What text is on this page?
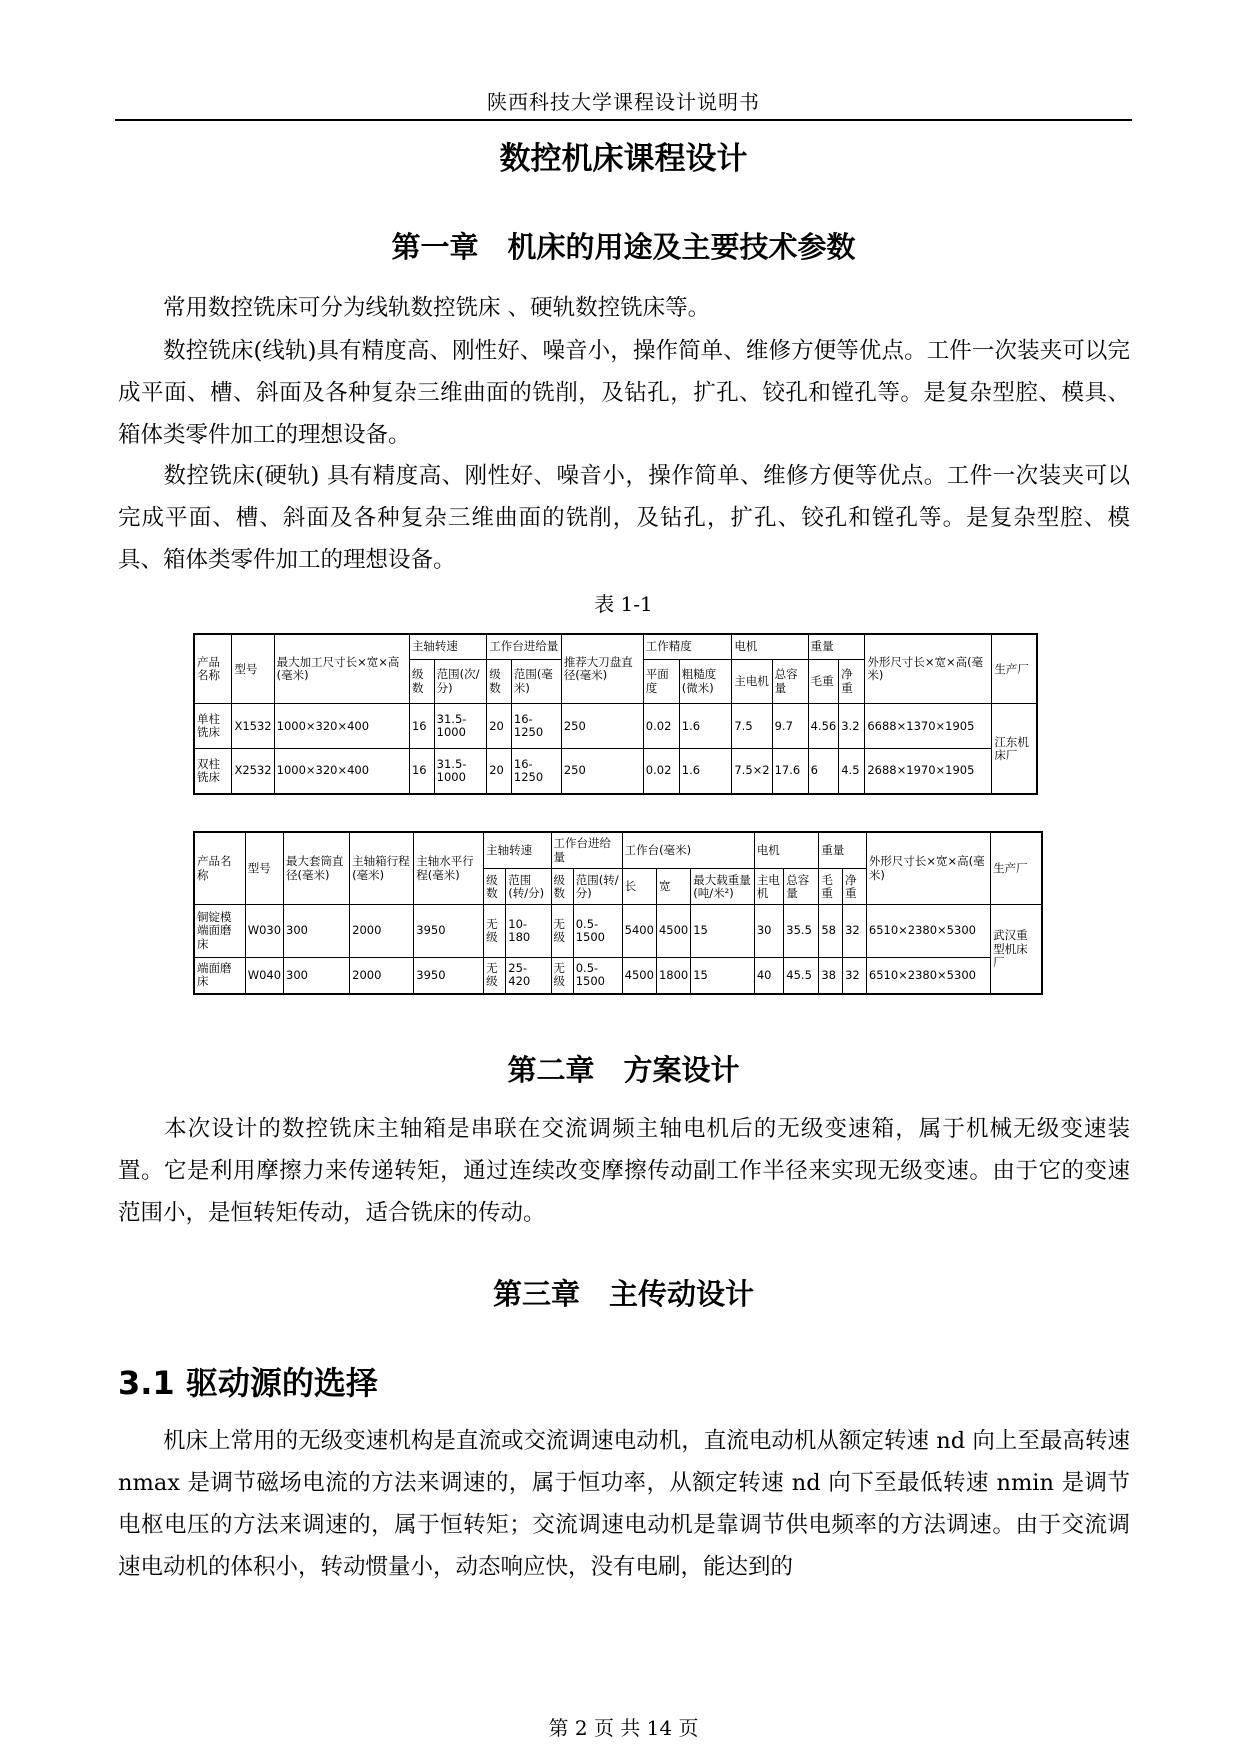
陕西科技大学课程设计说明书
数控机床课程设计
第一章　机床的用途及主要技术参数

常用数控铣床可分为线轨数控铣床 、硬轨数控铣床等。

数控铣床(线轨)具有精度高、刚性好、噪音小，操作简单、维修方便等优点。工件一次装夹可以完成平面、槽、斜面及各种复杂三维曲面的铣削，及钻孔，扩孔、铰孔和镗孔等。是复杂型腔、模具、箱体类零件加工的理想设备。

数控铣床(硬轨) 具有精度高、刚性好、噪音小，操作简单、维修方便等优点。工件一次装夹可以完成平面、槽、斜面及各种复杂三维曲面的铣削，及钻孔，扩孔、铰孔和镗孔等。是复杂型腔、模具、箱体类零件加工的理想设备。

表 1-1
产品名称	型号	最大加工尺寸长×宽×高(毫米)	主轴转速		工作台进给量		推荐大刀盘直径(毫米)	工作精度		电机		重量		外形尺寸长×宽×高(毫米)	生产厂
			级数	范围(次/分)	级数	范围(毫米)		平面度	粗糙度(微米)	主电机	总容量	毛重	净重		
单柱铣床	X1532	1000×320×400	16	31.5-1000	20	16-1250	250	0.02	1.6	7.5	9.7	4.56	3.2	6688×1370×1905	江东机床厂
双柱铣床	X2532	1000×320×400	16	31.5-1000	20	16-1250	250	0.02	1.6	7.5×2	17.6	6	4.5	2688×1970×1905	
产品名称	型号	最大套筒直径(毫米)	主轴箱行程(毫米)	主轴水平行程(毫米)	主轴转速		工作台进给量		工作台(毫米)			电机		重量		外形尺寸长×宽×高(毫米)	生产厂
					级数	范围(转/分)	级数	范围(转/分)	长	宽	最大载重量(吨/米²)	主电机	总容量	毛重	净重		
铜锭模端面磨床	W030	300	2000	3950	无级	10-180	无级	0.5-1500	5400	4500	15	30	35.5	58	32	6510×2380×5300	武汉重型机床厂
端面磨床	W040	300	2000	3950	无级	25-420	无级	0.5-1500	4500	1800	15	40	45.5	38	32	6510×2380×5300	
第二章　方案设计

本次设计的数控铣床主轴箱是串联在交流调频主轴电机后的无级变速箱，属于机械无级变速装置。它是利用摩擦力来传递转矩，通过连续改变摩擦传动副工作半径来实现无级变速。由于它的变速范围小，是恒转矩传动，适合铣床的传动。

第三章　主传动设计
3.1 驱动源的选择

机床上常用的无级变速机构是直流或交流调速电动机，直流电动机从额定转速 nd 向上至最高转速 nmax 是调节磁场电流的方法来调速的，属于恒功率，从额定转速 nd 向下至最低转速 nmin 是调节电枢电压的方法来调速的，属于恒转矩；交流调速电动机是靠调节供电频率的方法调速。由于交流调速电动机的体积小，转动惯量小，动态响应快，没有电刷，能达到的

第 2 页 共 14 页
